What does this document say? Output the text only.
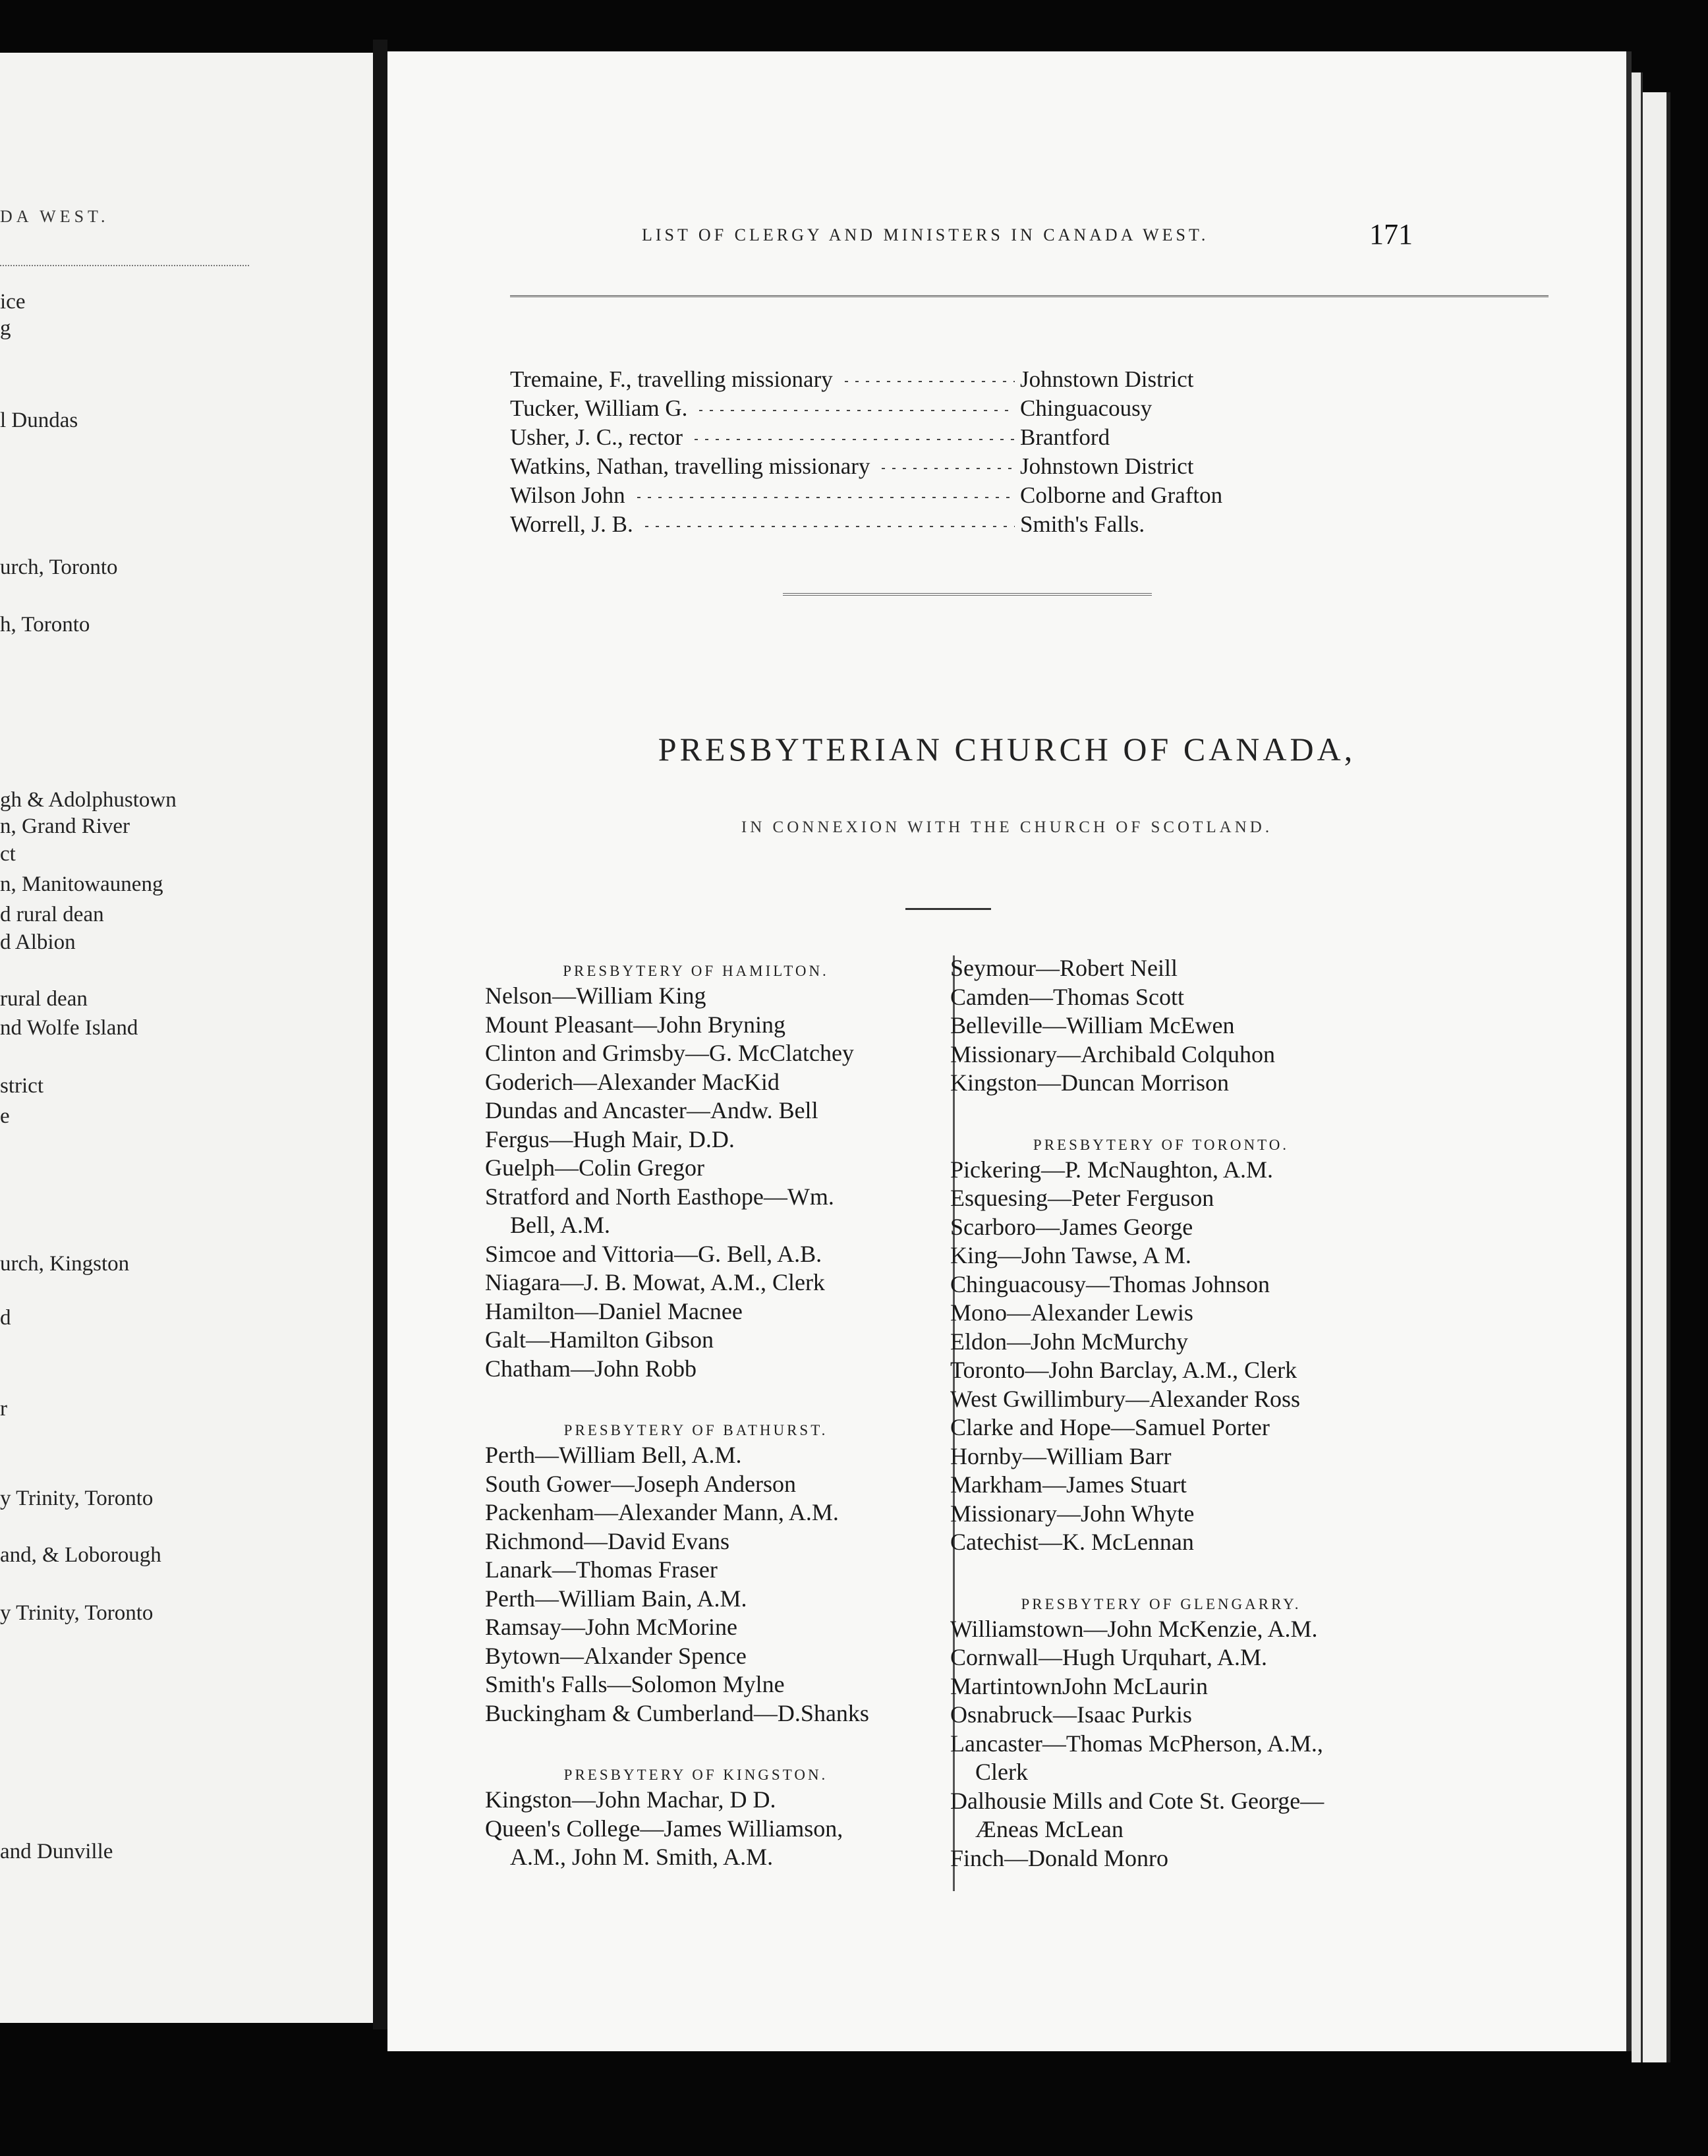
DA WEST.
ice
g
l Dundas
urch, Toronto
h, Toronto
gh & Adolphustown
n, Grand River
ct
n, Manitowauneng
d rural dean
d Albion
rural dean
nd Wolfe Island
strict
e
urch, Kingston
d
r
y Trinity, Toronto
and, & Loborough
y Trinity, Toronto
and Dunville
LIST OF CLERGY AND MINISTERS IN CANADA WEST.	171
Tremaine, F., travelling missionary	Johnstown District
Tucker, William G.	Chinguacousy
Usher, J. C., rector	Brantford
Watkins, Nathan, travelling missionary	Johnstown District
Wilson John	Colborne and Grafton
Worrell, J. B.	Smith's Falls.
PRESBYTERIAN CHURCH OF CANADA,
IN CONNEXION WITH THE CHURCH OF SCOTLAND.
PRESBYTERY OF HAMILTON.
Nelson—William King
Mount Pleasant—John Bryning
Clinton and Grimsby—G. McClatchey
Goderich—Alexander MacKid
Dundas and Ancaster—Andw. Bell
Fergus—Hugh Mair, D.D.
Guelph—Colin Gregor
Stratford and North Easthope—Wm.
Bell, A.M.
Simcoe and Vittoria—G. Bell, A.B.
Niagara—J. B. Mowat, A.M., Clerk
Hamilton—Daniel Macnee
Galt—Hamilton Gibson
Chatham—John Robb
PRESBYTERY OF BATHURST.
Perth—William Bell, A.M.
South Gower—Joseph Anderson
Packenham—Alexander Mann, A.M.
Richmond—David Evans
Lanark—Thomas Fraser
Perth—William Bain, A.M.
Ramsay—John McMorine
Bytown—Alxander Spence
Smith's Falls—Solomon Mylne
Buckingham & Cumberland—D.Shanks
PRESBYTERY OF KINGSTON.
Kingston—John Machar, D D.
Queen's College—James Williamson,
A.M., John M. Smith, A.M.
Seymour—Robert Neill
Camden—Thomas Scott
Belleville—William McEwen
Missionary—Archibald Colquhon
Kingston—Duncan Morrison
PRESBYTERY OF TORONTO.
Pickering—P. McNaughton, A.M.
Esquesing—Peter Ferguson
Scarboro—James George
King—John Tawse, A M.
Chinguacousy—Thomas Johnson
Mono—Alexander Lewis
Eldon—John McMurchy
Toronto—John Barclay, A.M., Clerk
West Gwillimbury—Alexander Ross
Clarke and Hope—Samuel Porter
Hornby—William Barr
Markham—James Stuart
Missionary—John Whyte
Catechist—K. McLennan
PRESBYTERY OF GLENGARRY.
Williamstown—John McKenzie, A.M.
Cornwall—Hugh Urquhart, A.M.
MartintownJohn McLaurin
Osnabruck—Isaac Purkis
Lancaster—Thomas McPherson, A.M.,
Clerk
Dalhousie Mills and Cote St. George—
Æneas McLean
Finch—Donald Monro
